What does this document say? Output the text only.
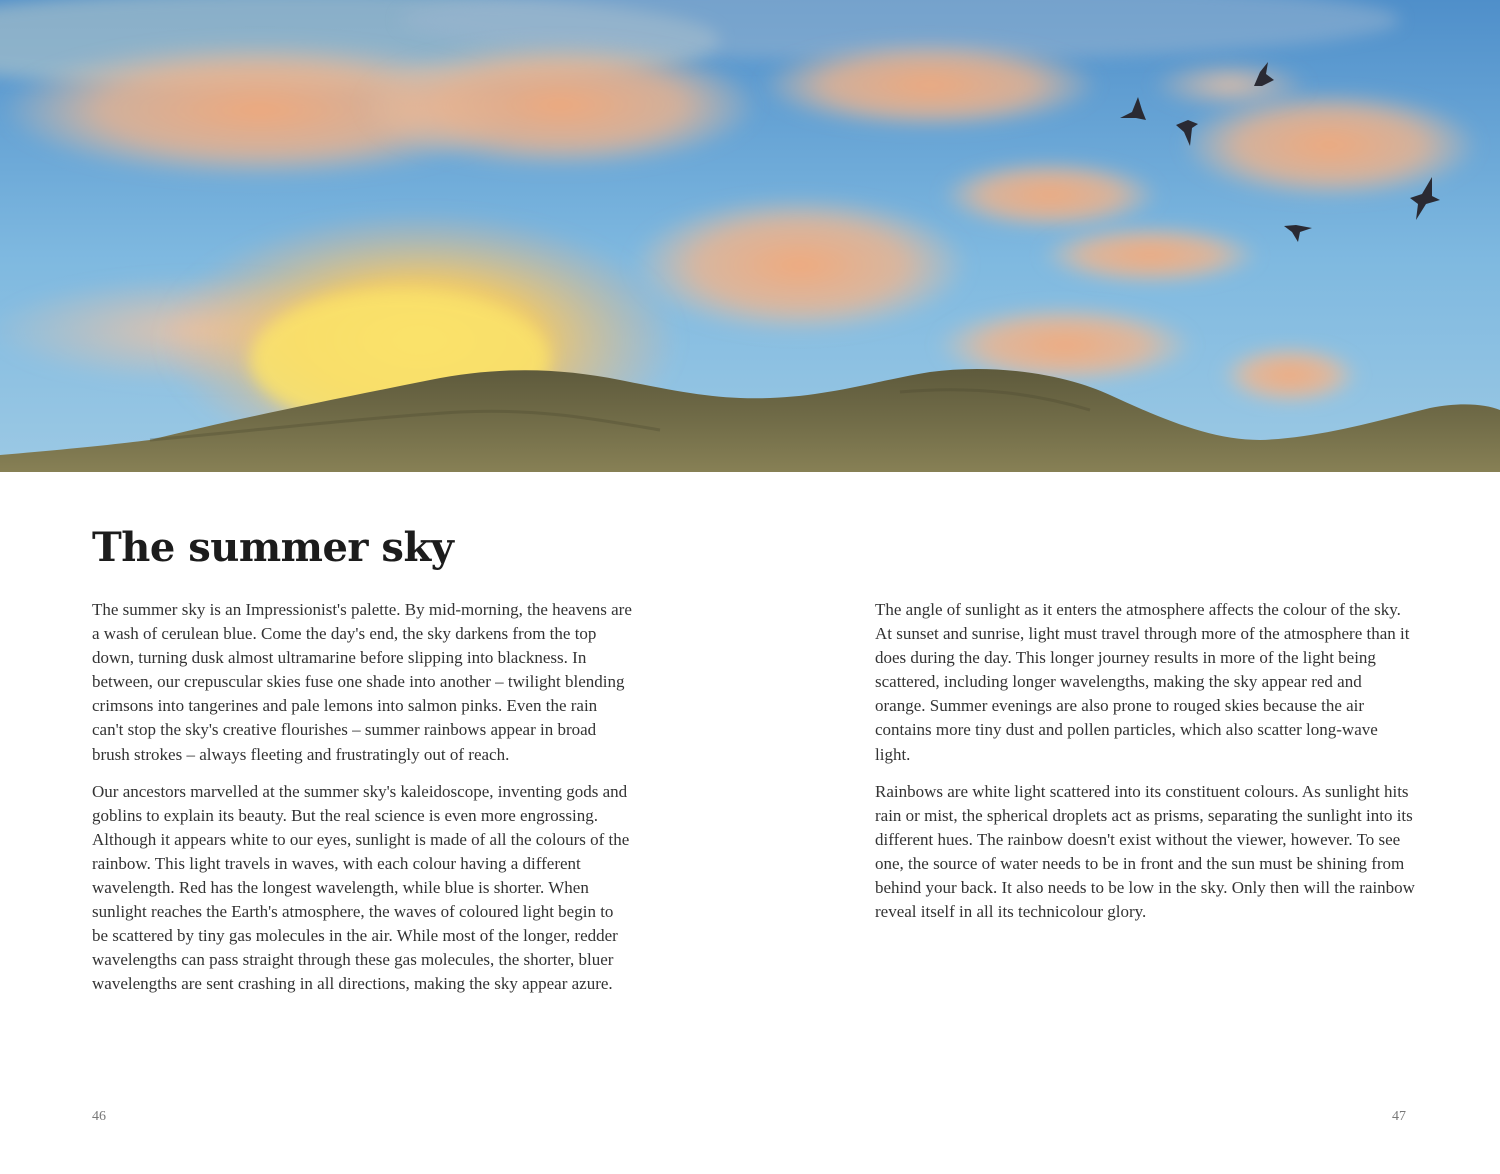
The summer sky

The summer sky is an Impressionist's palette. By mid-morning, the heavens are a wash of cerulean blue. Come the day's end, the sky darkens from the top down, turning dusk almost ultramarine before slipping into blackness. In between, our crepuscular skies fuse one shade into another – twilight blending crimsons into tangerines and pale lemons into salmon pinks. Even the rain can't stop the sky's creative flourishes – summer rainbows appear in broad brush strokes – always fleeting and frustratingly out of reach.

Our ancestors marvelled at the summer sky's kaleidoscope, inventing gods and goblins to explain its beauty. But the real science is even more engrossing. Although it appears white to our eyes, sunlight is made of all the colours of the rainbow. This light travels in waves, with each colour having a different wavelength. Red has the longest wavelength, while blue is shorter. When sunlight reaches the Earth's atmosphere, the waves of coloured light begin to be scattered by tiny gas molecules in the air. While most of the longer, redder wavelengths can pass straight through these gas molecules, the shorter, bluer wavelengths are sent crashing in all directions, making the sky appear azure.

The angle of sunlight as it enters the atmosphere affects the colour of the sky. At sunset and sunrise, light must travel through more of the atmosphere than it does during the day. This longer journey results in more of the light being scattered, including longer wavelengths, making the sky appear red and orange. Summer evenings are also prone to rouged skies because the air contains more tiny dust and pollen particles, which also scatter long-wave light.

Rainbows are white light scattered into its constituent colours. As sunlight hits rain or mist, the spherical droplets act as prisms, separating the sunlight into its different hues. The rainbow doesn't exist without the viewer, however. To see one, the source of water needs to be in front and the sun must be shining from behind your back. It also needs to be low in the sky. Only then will the rainbow reveal itself in all its technicolour glory.

46	47
